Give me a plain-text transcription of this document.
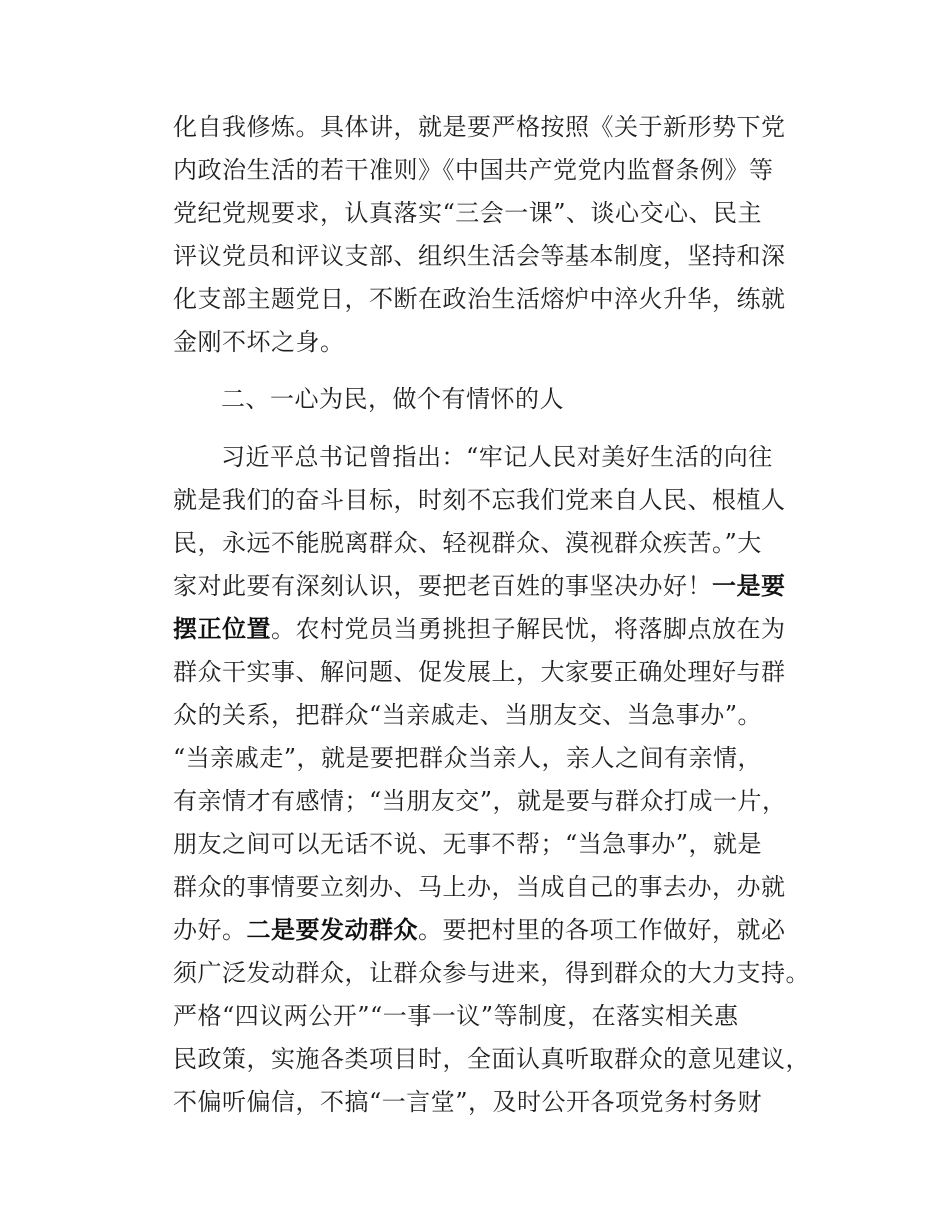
化自我修炼。具体讲，就是要严格按照《关于新形势下党
内政治生活的若干准则》《中国共产党党内监督条例》等
党纪党规要求，认真落实“三会一课”、谈心交心、民主
评议党员和评议支部、组织生活会等基本制度，坚持和深
化支部主题党日，不断在政治生活熔炉中淬火升华，练就
金刚不坏之身。
二、一心为民，做个有情怀的人
习近平总书记曾指出：“牢记人民对美好生活的向往
就是我们的奋斗目标，时刻不忘我们党来自人民、根植人
民，永远不能脱离群众、轻视群众、漠视群众疾苦。”大
家对此要有深刻认识，要把老百姓的事坚决办好！一是要
摆正位置。农村党员当勇挑担子解民忧，将落脚点放在为
群众干实事、解问题、促发展上，大家要正确处理好与群
众的关系，把群众“当亲戚走、当朋友交、当急事办”。
“当亲戚走”，就是要把群众当亲人，亲人之间有亲情，
有亲情才有感情；“当朋友交”，就是要与群众打成一片，
朋友之间可以无话不说、无事不帮；“当急事办”，就是
群众的事情要立刻办、马上办，当成自己的事去办，办就
办好。二是要发动群众。要把村里的各项工作做好，就必
须广泛发动群众，让群众参与进来，得到群众的大力支持。
严格“四议两公开”“一事一议”等制度，在落实相关惠
民政策，实施各类项目时，全面认真听取群众的意见建议，
不偏听偏信，不搞“一言堂”，及时公开各项党务村务财
